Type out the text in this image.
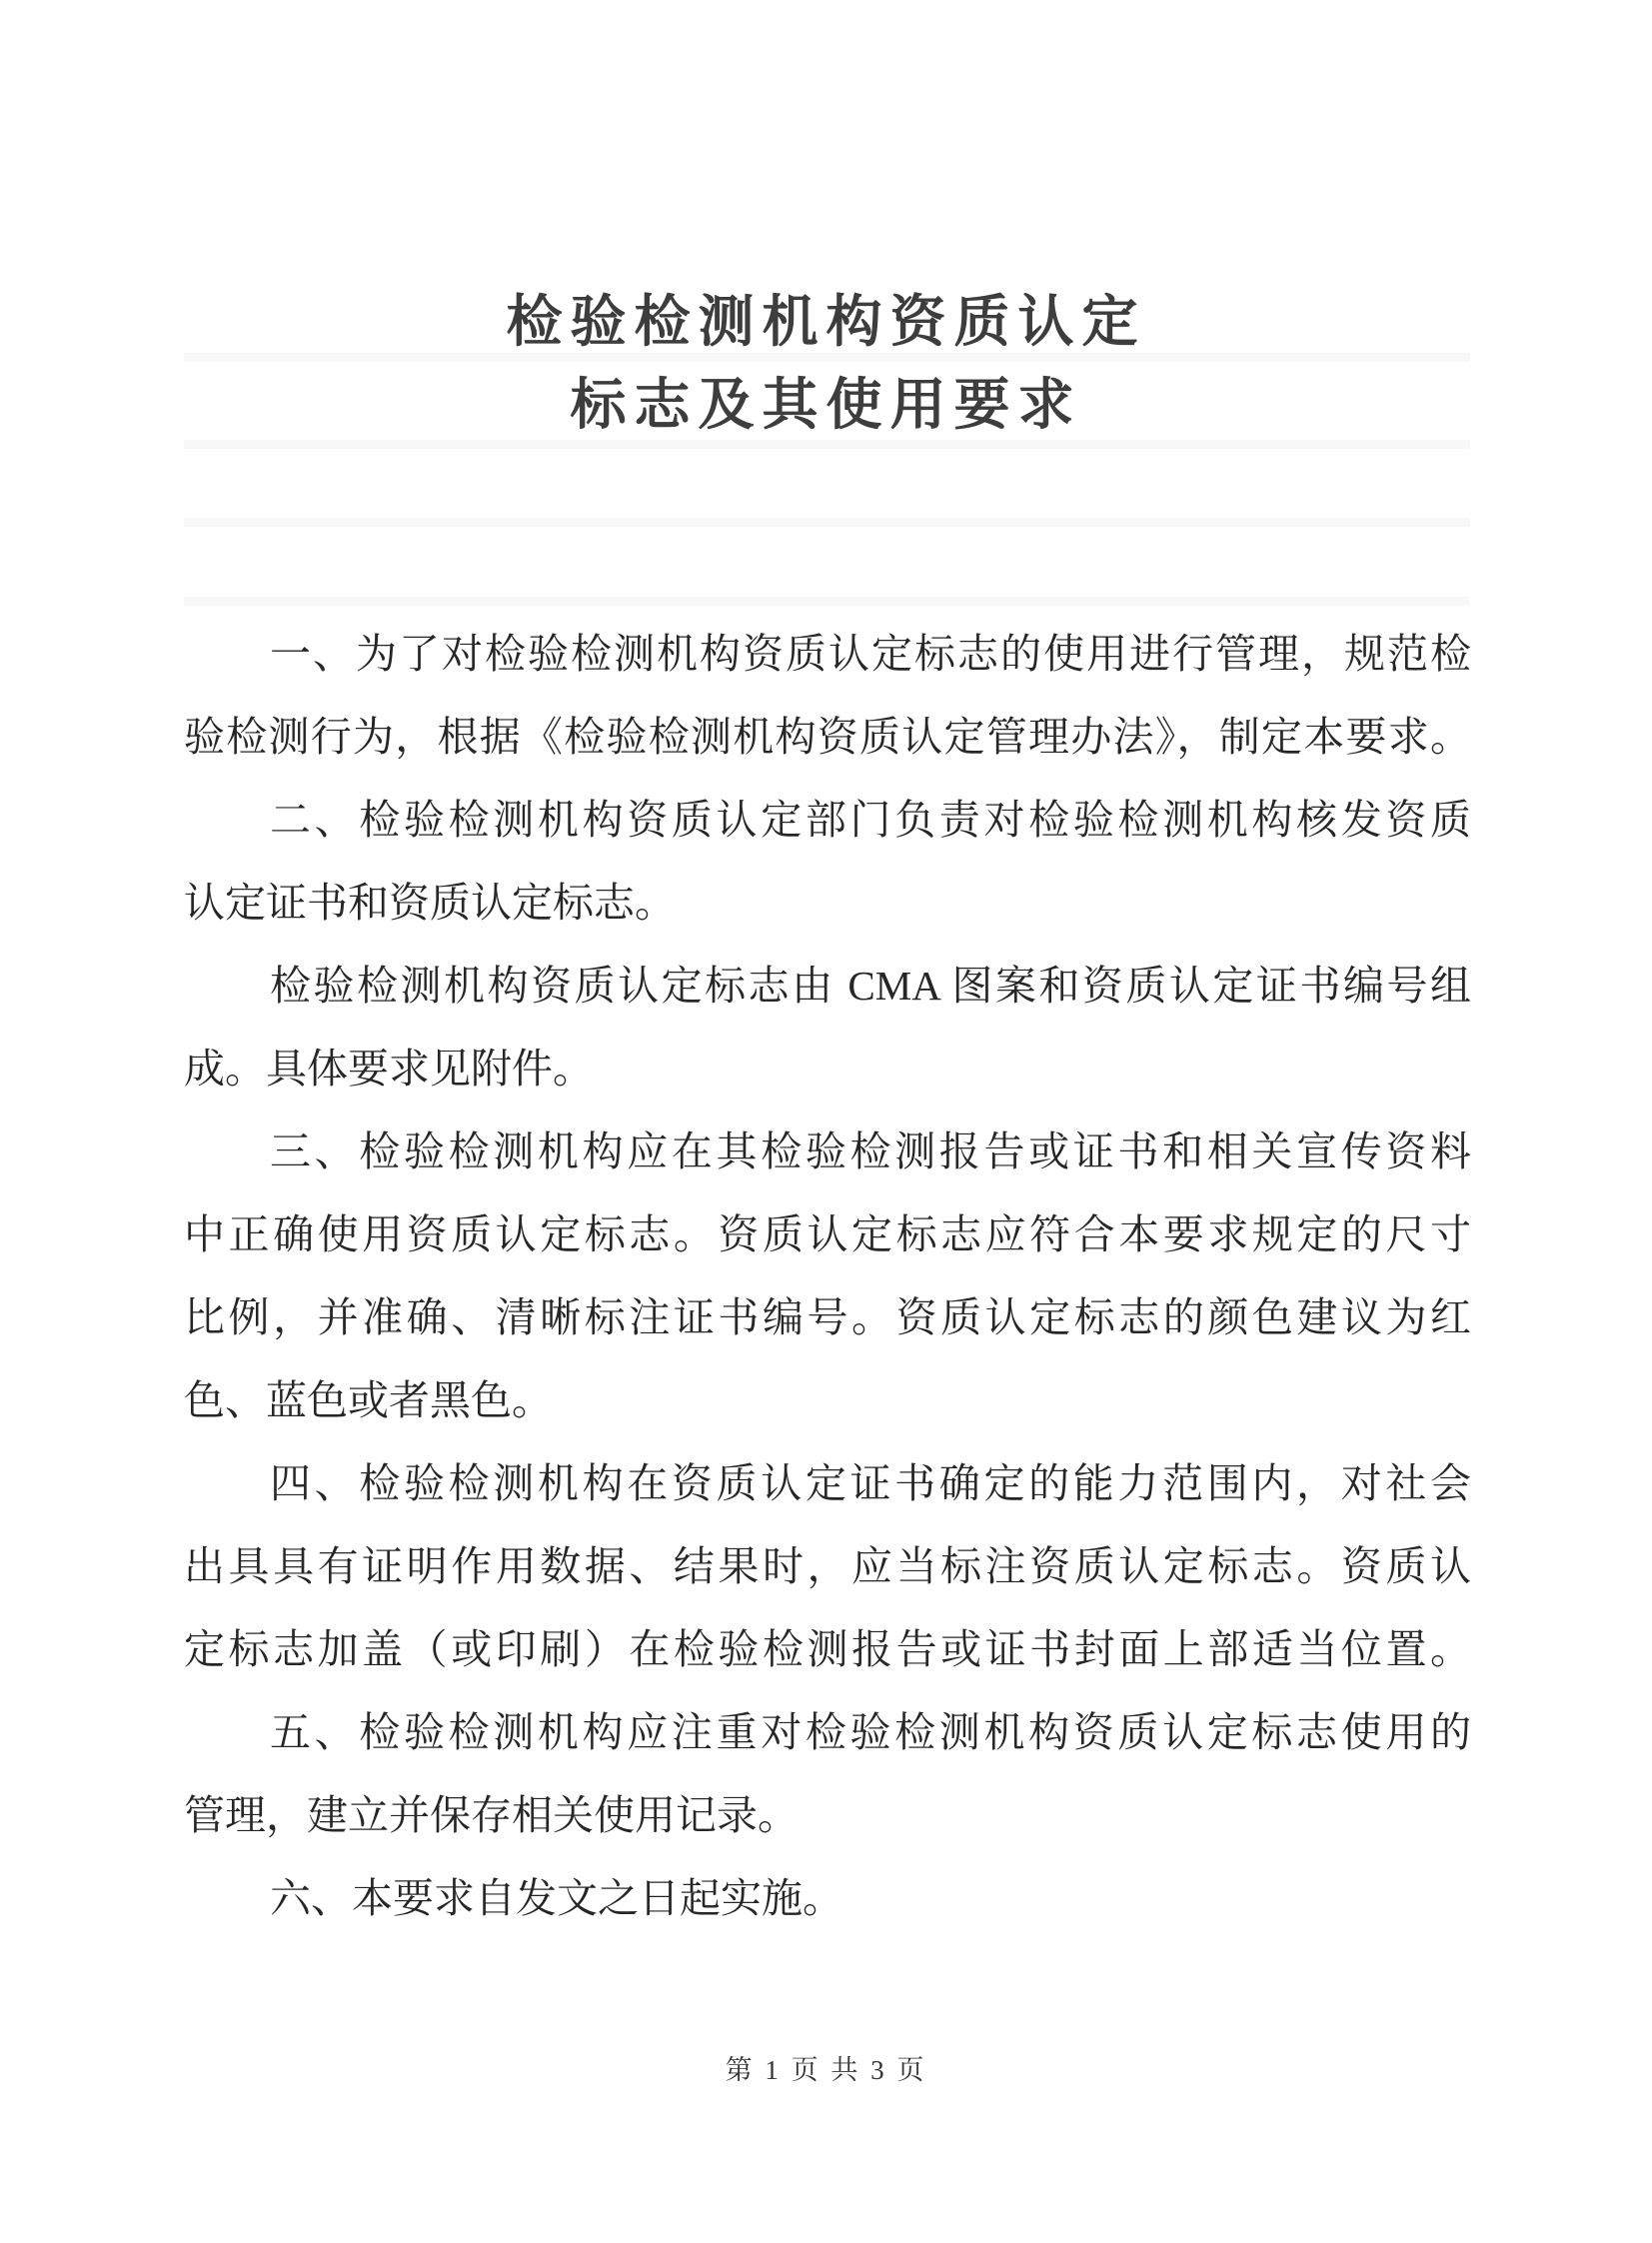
检验检测机构资质认定
标志及其使用要求
一、为了对检验检测机构资质认定标志的使用进行管理，规范检
验检测行为，根据《检验检测机构资质认定管理办法》，制定本要求。
二、检验检测机构资质认定部门负责对检验检测机构核发资质
认定证书和资质认定标志。
检验检测机构资质认定标志由 CMA 图案和资质认定证书编号组
成。具体要求见附件。
三、检验检测机构应在其检验检测报告或证书和相关宣传资料
中正确使用资质认定标志。资质认定标志应符合本要求规定的尺寸
比例，并准确、清晰标注证书编号。资质认定标志的颜色建议为红
色、蓝色或者黑色。
四、检验检测机构在资质认定证书确定的能力范围内，对社会
出具具有证明作用数据、结果时，应当标注资质认定标志。资质认
定标志加盖（或印刷）在检验检测报告或证书封面上部适当位置。
五、检验检测机构应注重对检验检测机构资质认定标志使用的
管理，建立并保存相关使用记录。
六、本要求自发文之日起实施。
第 1 页 共 3 页
